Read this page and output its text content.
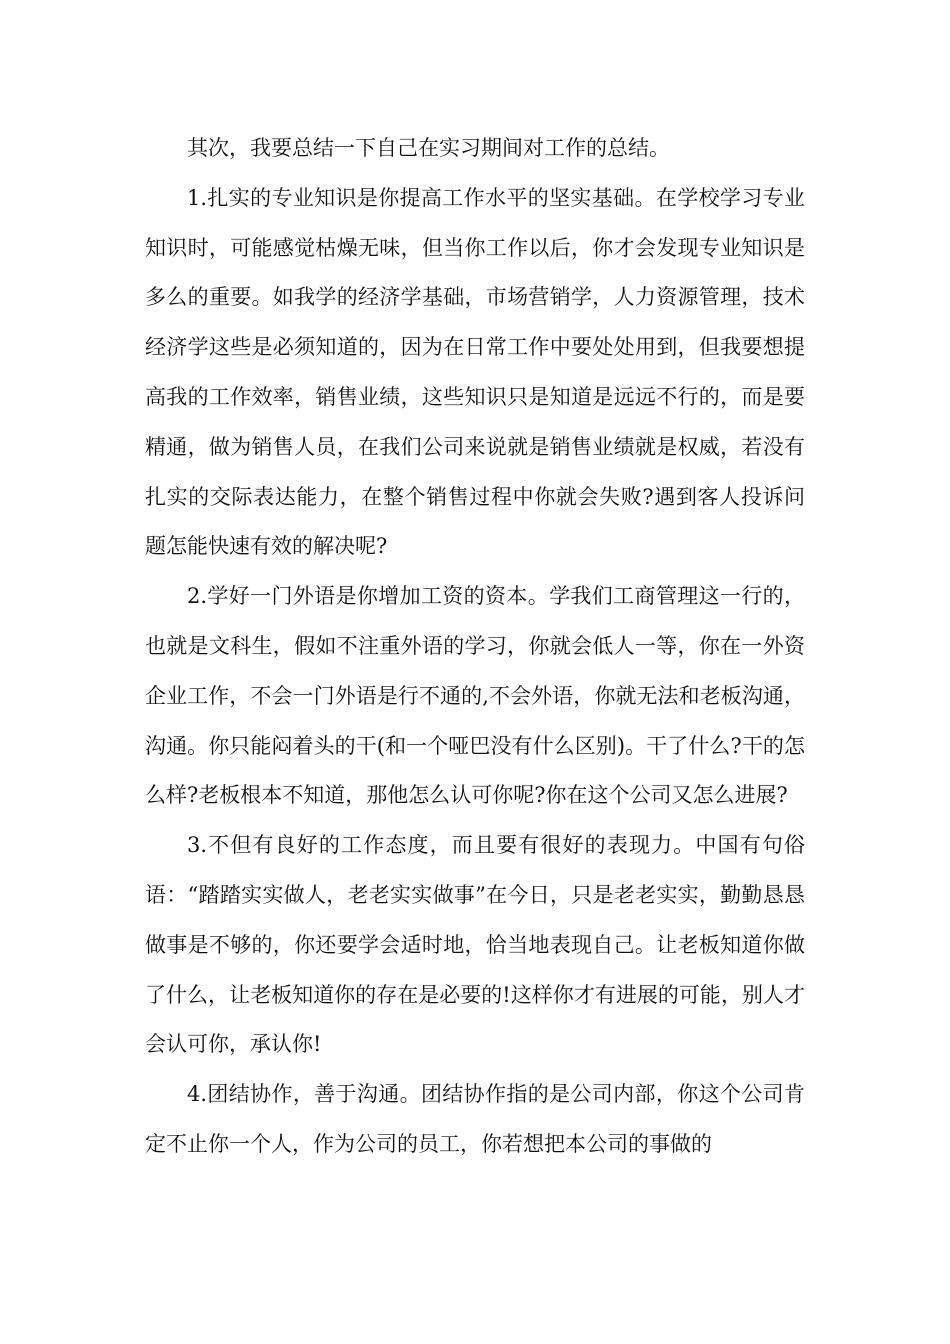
其次，我要总结一下自己在实习期间对工作的总结。

1.扎实的专业知识是你提高工作水平的坚实基础。在学校学习专业知识时，可能感觉枯燥无味，但当你工作以后，你才会发现专业知识是多么的重要。如我学的经济学基础，市场营销学，人力资源管理，技术经济学这些是必须知道的，因为在日常工作中要处处用到，但我要想提高我的工作效率，销售业绩，这些知识只是知道是远远不行的，而是要精通，做为销售人员，在我们公司来说就是销售业绩就是权威，若没有扎实的交际表达能力，在整个销售过程中你就会失败?遇到客人投诉问题怎能快速有效的解决呢?

2.学好一门外语是你增加工资的资本。学我们工商管理这一行的，也就是文科生，假如不注重外语的学习，你就会低人一等，你在一外资企业工作，不会一门外语是行不通的,不会外语，你就无法和老板沟通，沟通。你只能闷着头的干(和一个哑巴没有什么区别)。干了什么?干的怎么样?老板根本不知道，那他怎么认可你呢?你在这个公司又怎么进展?

3.不但有良好的工作态度，而且要有很好的表现力。中国有句俗语：“踏踏实实做人，老老实实做事”在今日，只是老老实实，勤勤恳恳做事是不够的，你还要学会适时地，恰当地表现自己。让老板知道你做了什么，让老板知道你的存在是必要的!这样你才有进展的可能，别人才会认可你，承认你!

4.团结协作，善于沟通。团结协作指的是公司内部，你这个公司肯定不止你一个人，作为公司的员工，你若想把本公司的事做的
